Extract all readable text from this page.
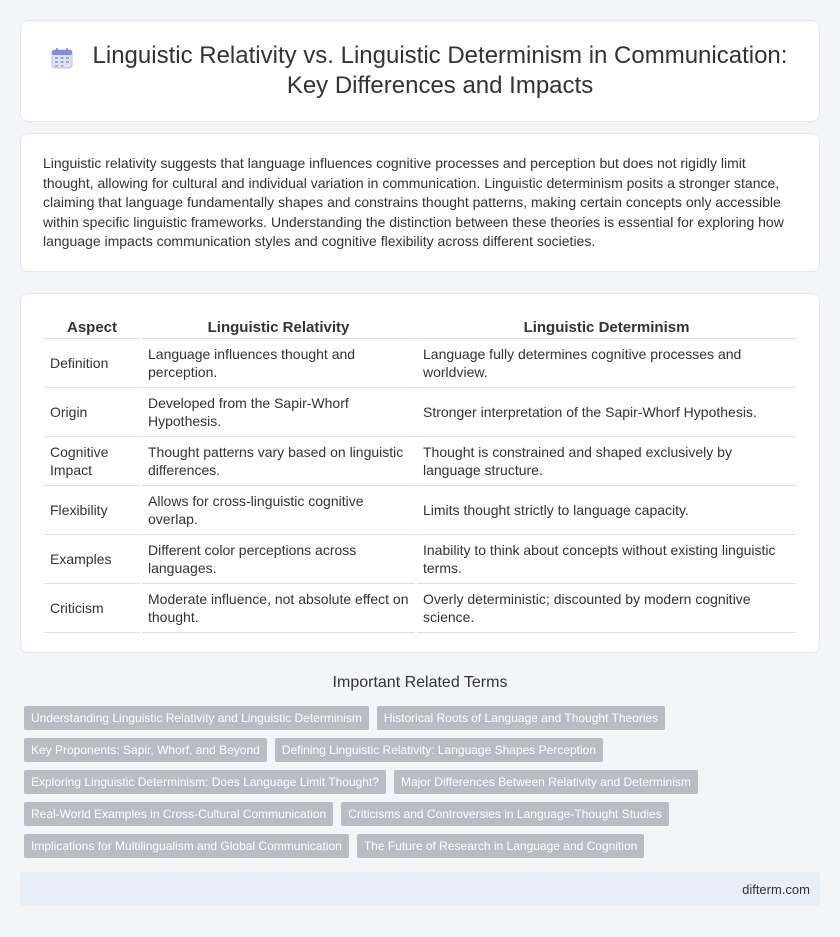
Linguistic Relativity vs. Linguistic Determinism in Communication: Key Differences and Impacts

Linguistic relativity suggests that language influences cognitive processes and perception but does not rigidly limit thought, allowing for cultural and individual variation in communication. Linguistic determinism posits a stronger stance, claiming that language fundamentally shapes and constrains thought patterns, making certain concepts only accessible within specific linguistic frameworks. Understanding the distinction between these theories is essential for exploring how language impacts communication styles and cognitive flexibility across different societies.

Aspect	Linguistic Relativity	Linguistic Determinism
Definition	Language influences thought and perception.	Language fully determines cognitive processes and worldview.
Origin	Developed from the Sapir-Whorf Hypothesis.	Stronger interpretation of the Sapir-Whorf Hypothesis.
Cognitive Impact	Thought patterns vary based on linguistic differences.	Thought is constrained and shaped exclusively by language structure.
Flexibility	Allows for cross-linguistic cognitive overlap.	Limits thought strictly to language capacity.
Examples	Different color perceptions across languages.	Inability to think about concepts without existing linguistic terms.
Criticism	Moderate influence, not absolute effect on thought.	Overly deterministic; discounted by modern cognitive science.
Important Related Terms
Understanding Linguistic Relativity and Linguistic Determinism	Historical Roots of Language and Thought Theories
Key Proponents: Sapir, Whorf, and Beyond	Defining Linguistic Relativity: Language Shapes Perception
Exploring Linguistic Determinism: Does Language Limit Thought?	Major Differences Between Relativity and Determinism
Real-World Examples in Cross-Cultural Communication	Criticisms and Controversies in Language-Thought Studies
Implications for Multilingualism and Global Communication	The Future of Research in Language and Cognition
difterm.com
